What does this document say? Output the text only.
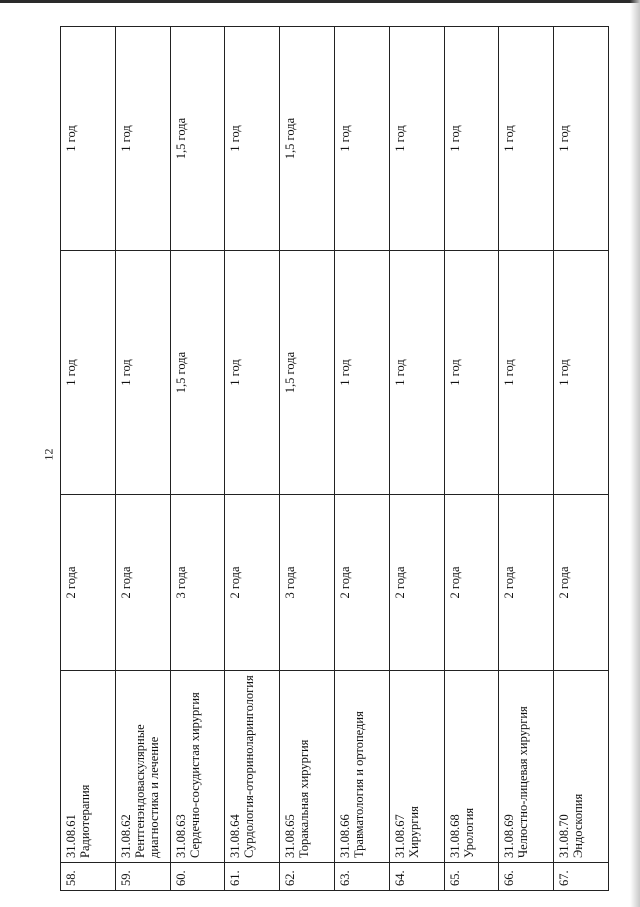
12
58.	31.08.61 Радиотерапия	2 года	1 год	1 год
59.	31.08.62 Рентгенэндоваскулярные диагностика и лечение	2 года	1 год	1 год
60.	31.08.63 Сердечно-сосудистая хирургия	3 года	1,5 года	1,5 года
61.	31.08.64 Сурдология-оториноларингология	2 года	1 год	1 год
62.	31.08.65 Торакальная хирургия	3 года	1,5 года	1,5 года
63.	31.08.66 Травматология и ортопедия	2 года	1 год	1 год
64.	31.08.67 Хирургия	2 года	1 год	1 год
65.	31.08.68 Урология	2 года	1 год	1 год
66.	31.08.69 Челюстно-лицевая хирургия	2 года	1 год	1 год
67.	31.08.70 Эндоскопия	2 года	1 год	1 год
